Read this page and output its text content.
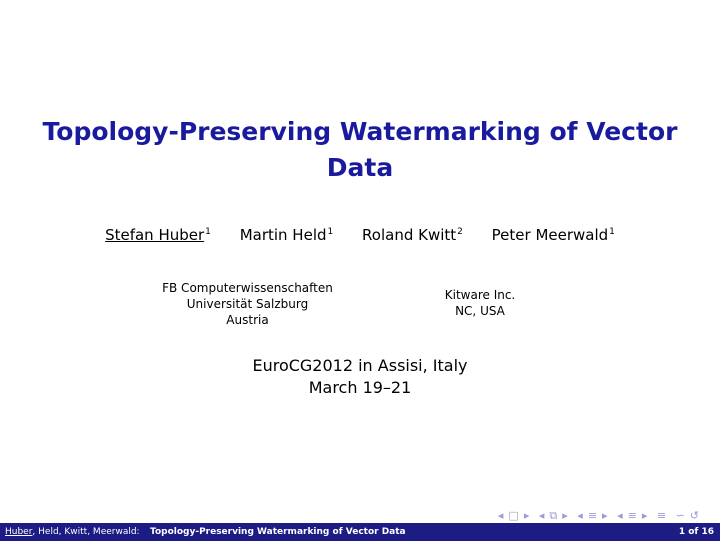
Topology-Preserving Watermarking of Vector Data
Stefan Huber$^1$ Martin Held$^1$ Roland Kwitt$^2$ Peter Meerwald$^1$
FB Computerwissenschaften
Universität Salzburg
Austria
Kitware Inc.
NC, USA
EuroCG2012 in Assisi, Italy
March 19–21
◂ □ ▸ ◂ ⧉ ▸ ◂ ≡ ▸ ◂ ≡ ▸ ≡ ∽ ↺
Huber, Held, Kwitt, Meerwald: Topology-Preserving Watermarking of Vector Data	1 of 16
